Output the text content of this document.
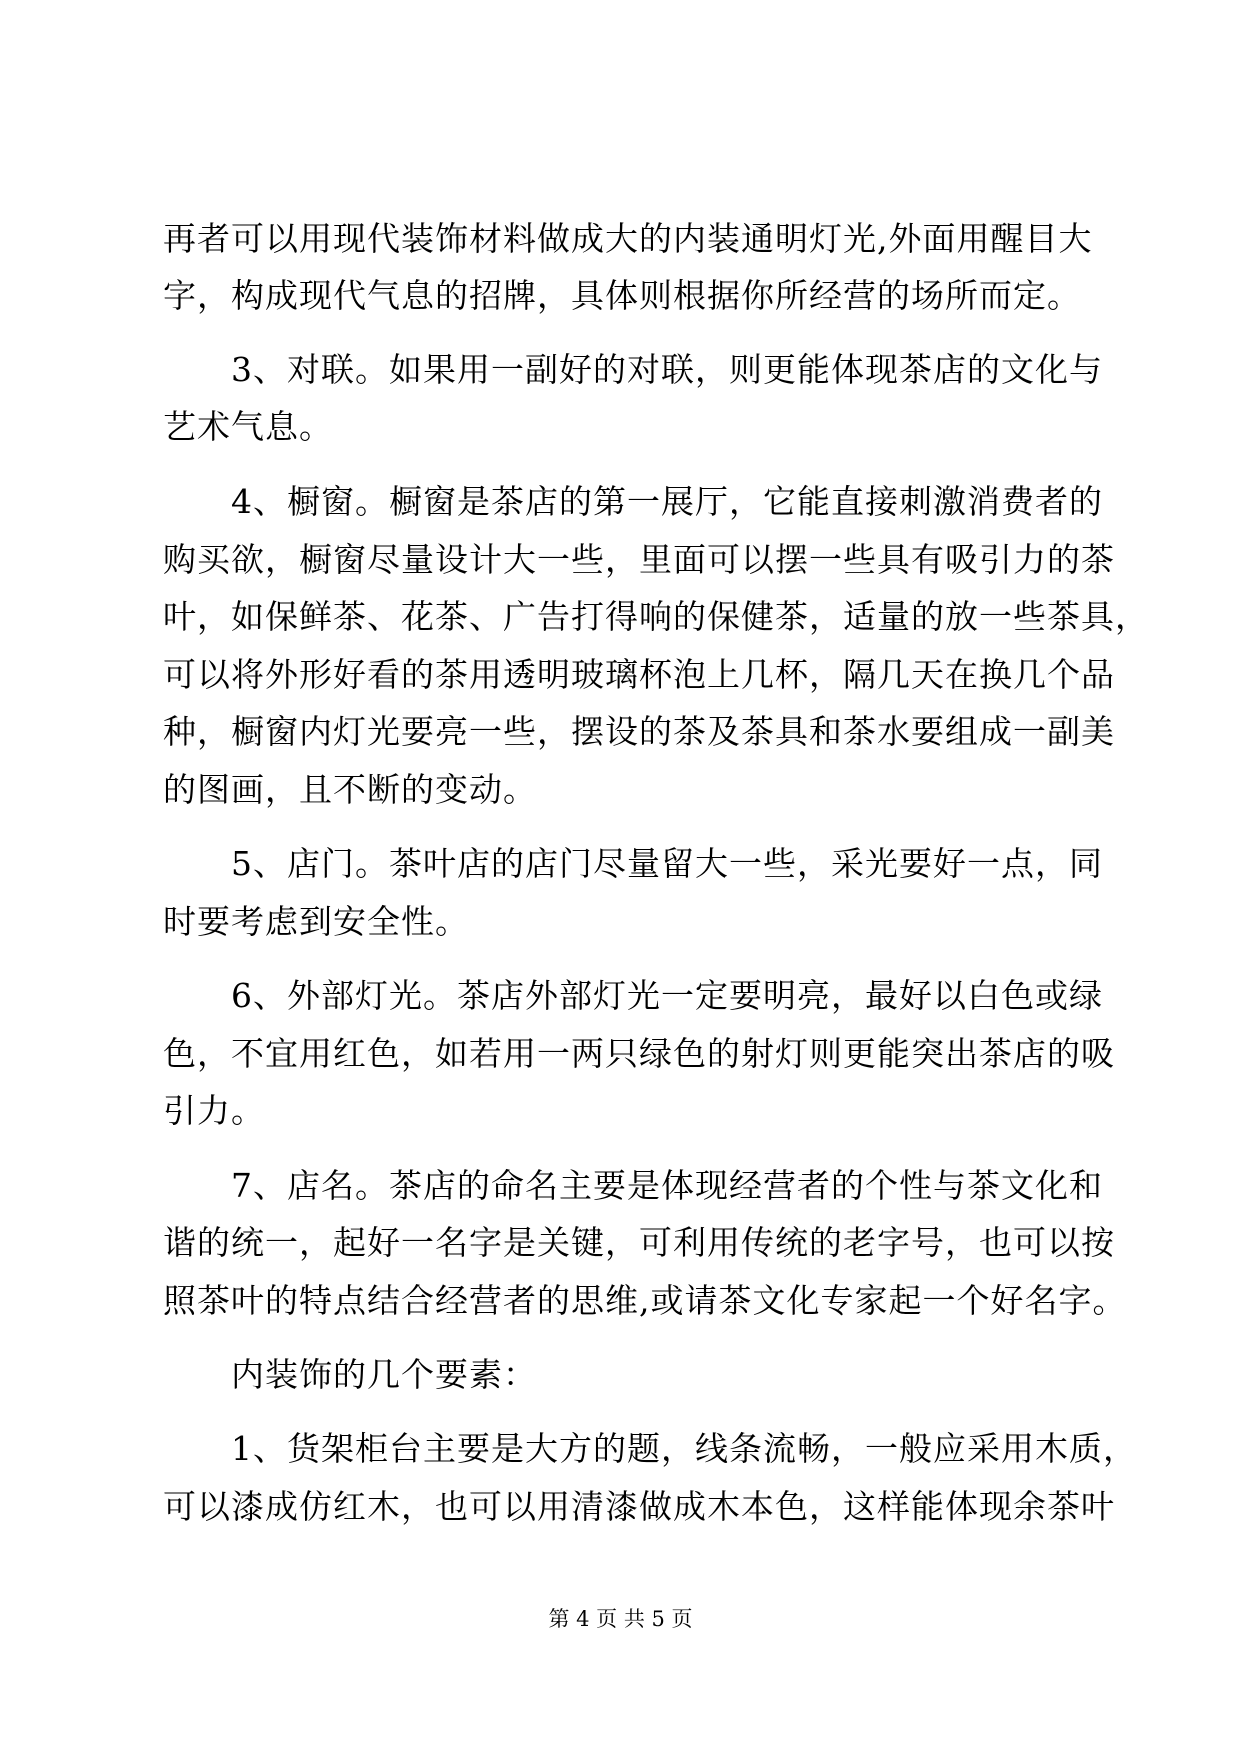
再者可以用现代装饰材料做成大的内装通明灯光,外面用醒目大
字，构成现代气息的招牌，具体则根据你所经营的场所而定。
3、对联。如果用一副好的对联，则更能体现茶店的文化与
艺术气息。
4、橱窗。橱窗是茶店的第一展厅，它能直接刺激消费者的
购买欲，橱窗尽量设计大一些，里面可以摆一些具有吸引力的茶
叶，如保鲜茶、花茶、广告打得响的保健茶，适量的放一些茶具，
可以将外形好看的茶用透明玻璃杯泡上几杯，隔几天在换几个品
种，橱窗内灯光要亮一些，摆设的茶及茶具和茶水要组成一副美
的图画，且不断的变动。
5、店门。茶叶店的店门尽量留大一些，采光要好一点，同
时要考虑到安全性。
6、外部灯光。茶店外部灯光一定要明亮，最好以白色或绿
色，不宜用红色，如若用一两只绿色的射灯则更能突出茶店的吸
引力。
7、店名。茶店的命名主要是体现经营者的个性与茶文化和
谐的统一，起好一名字是关键，可利用传统的老字号，也可以按
照茶叶的特点结合经营者的思维,或请茶文化专家起一个好名字。
内装饰的几个要素：
1、货架柜台主要是大方的题，线条流畅，一般应采用木质，
可以漆成仿红木，也可以用清漆做成木本色，这样能体现余茶叶
第 4 页 共 5 页
